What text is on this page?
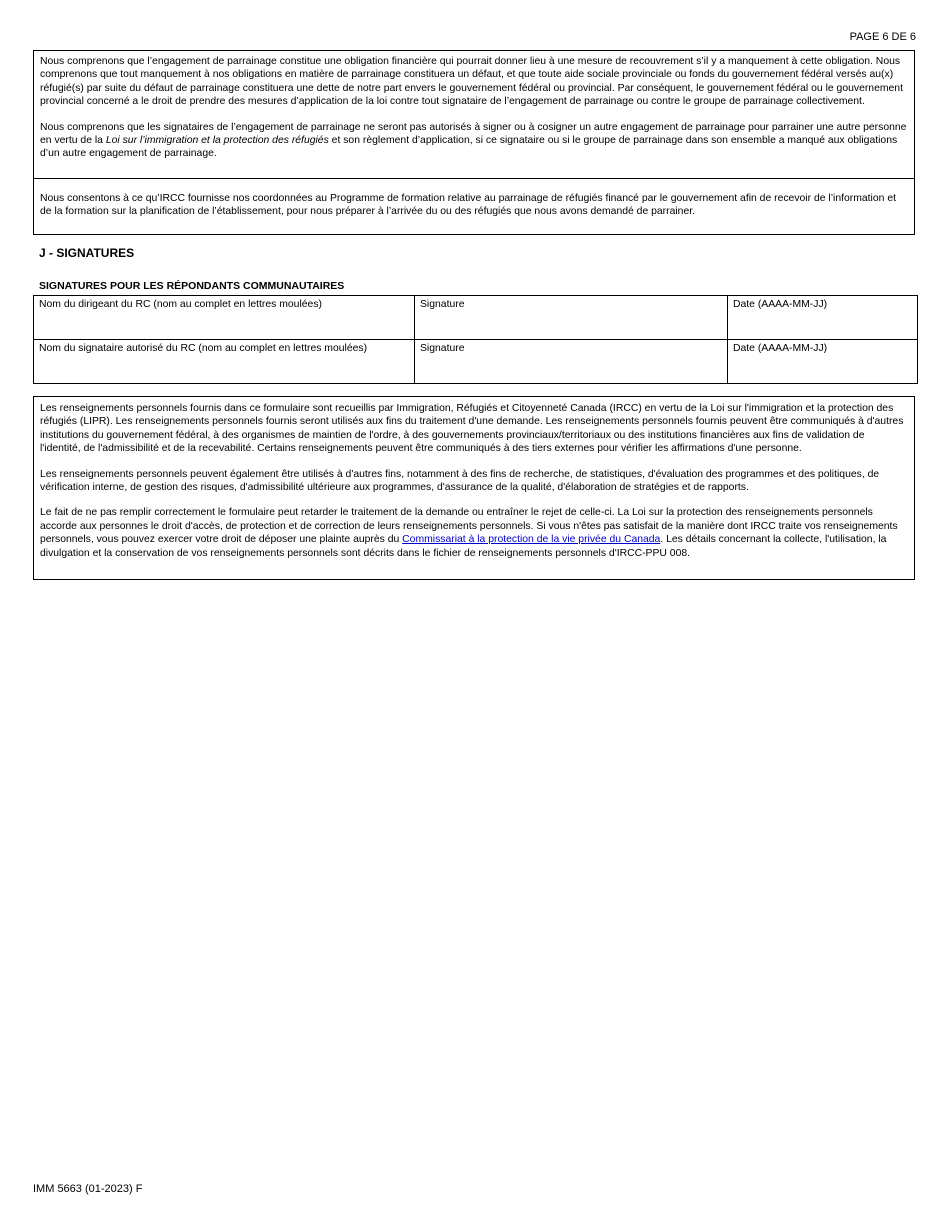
PAGE 6 DE 6

Nous comprenons que l’engagement de parrainage constitue une obligation financière qui pourrait donner lieu à une mesure de recouvrement s’il y a manquement à cette obligation. Nous comprenons que tout manquement à nos obligations en matière de parrainage constituera un défaut, et que toute aide sociale provinciale ou fonds du gouvernement fédéral versés au(x) réfugié(s) par suite du défaut de parrainage constituera une dette de notre part envers le gouvernement fédéral ou provincial. Par conséquent, le gouvernement fédéral ou le gouvernement provincial concerné a le droit de prendre des mesures d’application de la loi contre tout signataire de l’engagement de parrainage ou contre le groupe de parrainage collectivement.

Nous comprenons que les signataires de l’engagement de parrainage ne seront pas autorisés à signer ou à cosigner un autre engagement de parrainage pour parrainer une autre personne en vertu de la Loi sur l’immigration et la protection des réfugiés et son règlement d’application, si ce signataire ou si le groupe de parrainage dans son ensemble a manqué aux obligations d’un autre engagement de parrainage.

Nous consentons à ce qu’IRCC fournisse nos coordonnées au Programme de formation relative au parrainage de réfugiés financé par le gouvernement afin de recevoir de l’information et de la formation sur la planification de l’établissement, pour nous préparer à l’arrivée du ou des réfugiés que nous avons demandé de parrainer.

J - SIGNATURES
SIGNATURES POUR LES RÉPONDANTS COMMUNAUTAIRES
Nom du dirigeant du RC (nom au complet en lettres moulées)	Signature	Date (AAAA-MM-JJ)
Nom du signataire autorisé du RC (nom au complet en lettres moulées)	Signature	Date (AAAA-MM-JJ)

Les renseignements personnels fournis dans ce formulaire sont recueillis par Immigration, Réfugiés et Citoyenneté Canada (IRCC) en vertu de la Loi sur l'immigration et la protection des réfugiés (LIPR). Les renseignements personnels fournis seront utilisés aux fins du traitement d'une demande. Les renseignements personnels fournis peuvent être communiqués à d'autres institutions du gouvernement fédéral, à des organismes de maintien de l'ordre, à des gouvernements provinciaux/territoriaux ou des institutions financières aux fins de validation de l'identité, de l'admissibilité et de la recevabilité. Certains renseignements peuvent être communiqués à des tiers externes pour vérifier les affirmations d'une personne.

Les renseignements personnels peuvent également être utilisés à d'autres fins, notamment à des fins de recherche, de statistiques, d'évaluation des programmes et des politiques, de vérification interne, de gestion des risques, d'admissibilité ultérieure aux programmes, d'assurance de la qualité, d'élaboration de stratégies et de rapports.

Le fait de ne pas remplir correctement le formulaire peut retarder le traitement de la demande ou entraîner le rejet de celle-ci. La Loi sur la protection des renseignements personnels accorde aux personnes le droit d'accès, de protection et de correction de leurs renseignements personnels. Si vous n'êtes pas satisfait de la manière dont IRCC traite vos renseignements personnels, vous pouvez exercer votre droit de déposer une plainte auprès du Commissariat à la protection de la vie privée du Canada. Les détails concernant la collecte, l'utilisation, la divulgation et la conservation de vos renseignements personnels sont décrits dans le fichier de renseignements personnels d'IRCC-PPU 008.

IMM 5663 (01-2023) F
